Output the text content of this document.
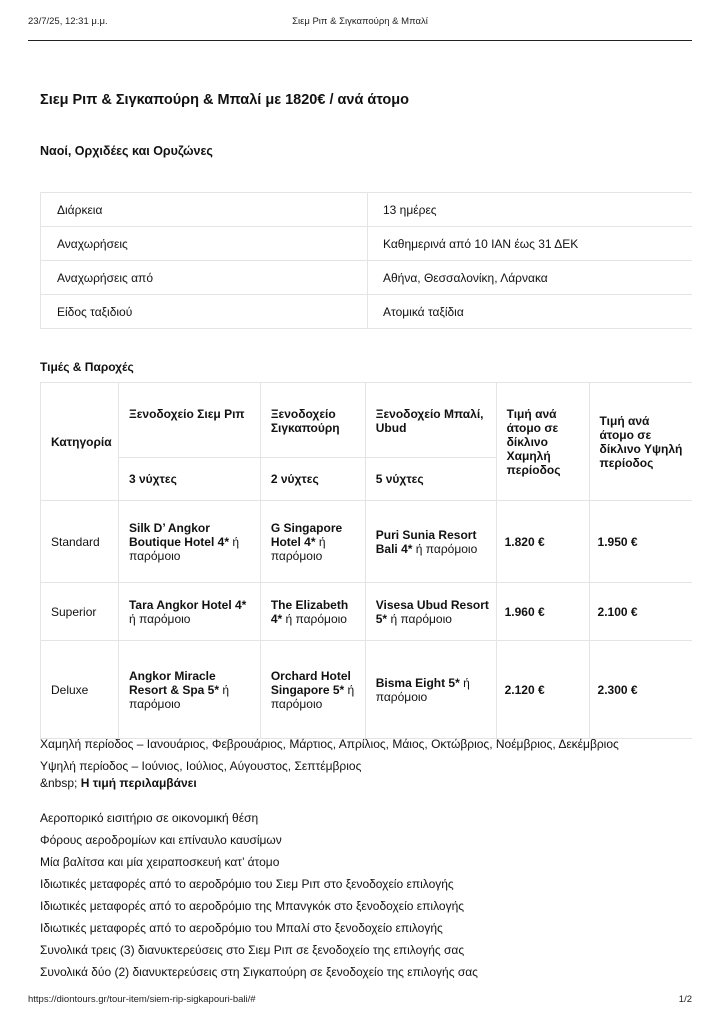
23/7/25, 12:31 μ.μ.	Σιεμ Ριπ & Σιγκαπούρη & Μπαλί
Σιεμ Ριπ & Σιγκαπούρη & Μπαλί με 1820€ / ανά άτομο
Ναοί, Ορχιδέες και Ορυζώνες
Διάρκεια	13 ημέρες
Αναχωρήσεις	Καθημερινά από 10 ΙΑΝ έως 31 ΔΕΚ
Αναχωρήσεις από	Αθήνα, Θεσσαλονίκη, Λάρνακα
Είδος ταξιδιού	Ατομικά ταξίδια
Τιμές & Παροχές
Κατηγορία	Ξενοδοχείο Σιεμ Ριπ	Ξενοδοχείο Σιγκαπούρη	Ξενοδοχείο Μπαλί, Ubud	Τιμή ανά άτομο σε δίκλινο Χαμηλή περίοδος	Τιμή ανά άτομο σε δίκλινο Υψηλή περίοδος
	3 νύχτες	2 νύχτες	5 νύχτες		
Standard	Silk D’ Angkor Boutique Hotel 4* ή παρόμοιο	G Singapore Hotel 4* ή παρόμοιο	Puri Sunia Resort Bali 4* ή παρόμοιο	1.820 €	1.950 €
Superior	Tara Angkor Hotel 4* ή παρόμοιο	The Elizabeth 4* ή παρόμοιο	Visesa Ubud Resort 5* ή παρόμοιο	1.960 €	2.100 €
Deluxe	Angkor Miracle Resort & Spa 5* ή παρόμοιο	Orchard Hotel Singapore 5* ή παρόμοιο	Bisma Eight 5* ή παρόμοιο	2.120 €	2.300 €
Χαμηλή περίοδος – Ιανουάριος, Φεβρουάριος, Μάρτιος, Απρίλιος, Μάιος, Οκτώβριος, Νοέμβριος, Δεκέμβριος
Υψηλή περίοδος – Ιούνιος, Ιούλιος, Αύγουστος, Σεπτέμβριος
&nbsp; Η τιμή περιλαμβάνει
Αεροπορικό εισιτήριο σε οικονομική θέση
Φόρους αεροδρομίων και επίναυλο καυσίμων
Μία βαλίτσα και μία χειραποσκευή κατ’ άτομο
Ιδιωτικές μεταφορές από το αεροδρόμιο του Σιεμ Ριπ στο ξενοδοχείο επιλογής
Ιδιωτικές μεταφορές από το αεροδρόμιο της Μπανγκόκ στο ξενοδοχείο επιλογής
Ιδιωτικές μεταφορές από το αεροδρόμιο του Μπαλί στο ξενοδοχείο επιλογής
Συνολικά τρεις (3) διανυκτερεύσεις στο Σιεμ Ριπ σε ξενοδοχείο της επιλογής σας
Συνολικά δύο (2) διανυκτερεύσεις στη Σιγκαπούρη σε ξενοδοχείο της επιλογής σας
https://diontours.gr/tour-item/siem-rip-sigkapouri-bali/#	1/2
